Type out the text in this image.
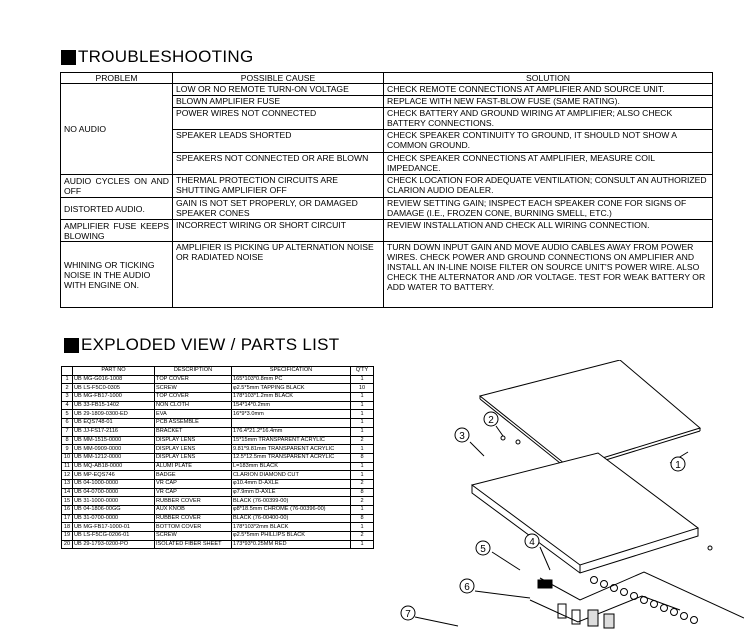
TROUBLESHOOTING
PROBLEM	POSSIBLE CAUSE	SOLUTION
NO AUDIO	LOW OR NO REMOTE TURN-ON VOLTAGE	CHECK REMOTE CONNECTIONS AT AMPLIFIER AND SOURCE UNIT.
	BLOWN AMPLIFIER FUSE	REPLACE WITH NEW FAST-BLOW FUSE (SAME RATING).
	POWER WIRES NOT CONNECTED	CHECK BATTERY AND GROUND WIRING AT AMPLIFIER; ALSO CHECK BATTERY CONNECTIONS.
	SPEAKER LEADS SHORTED	CHECK SPEAKER CONTINUITY TO GROUND, IT SHOULD NOT SHOW A COMMON GROUND.
	SPEAKERS NOT CONNECTED OR ARE BLOWN	CHECK SPEAKER CONNECTIONS AT AMPLIFIER, MEASURE COIL IMPEDANCE.
AUDIO CYCLES ON AND OFF	THERMAL PROTECTION CIRCUITS ARE SHUTTING AMPLIFIER OFF	CHECK LOCATION FOR ADEQUATE VENTILATION; CONSULT AN AUTHORIZED CLARION AUDIO DEALER.
DISTORTED AUDIO.	GAIN IS NOT SET PROPERLY, OR DAMAGED SPEAKER CONES	REVIEW SETTING GAIN; INSPECT EACH SPEAKER CONE FOR SIGNS OF DAMAGE (I.E., FROZEN CONE, BURNING SMELL, ETC.)
AMPLIFIER FUSE KEEPS BLOWING	INCORRECT WIRING OR SHORT CIRCUIT	REVIEW INSTALLATION AND CHECK ALL WIRING CONNECTION.
WHINING OR TICKING NOISE IN THE AUDIO WITH ENGINE ON.	AMPLIFIER IS PICKING UP ALTERNATION NOISE OR RADIATED NOISE	TURN DOWN INPUT GAIN AND MOVE AUDIO CABLES AWAY FROM POWER WIRES. CHECK POWER AND GROUND CONNECTIONS ON AMPLIFIER AND INSTALL AN IN-LINE NOISE FILTER ON SOURCE UNIT'S POWER WIRE. ALSO CHECK THE ALTERNATOR AND /OR VOLTAGE. TEST FOR WEAK BATTERY OR ADD WATER TO BATTERY.
EXPLODED VIEW / PARTS LIST
	PART NO	DESCRIPTION	SPECIFICATION	Q'TY
1	UB MG-G016-1008	TOP COVER	165*103*0.8mm PC	1
2	UB LS-F5C0-0305	SCREW	φ2.5*5mm TAPPING BLACK	10
3	UB MG-FB17-1000	TOP COVER	178*103*1.2mm BLACK	1
4	UB 33-FB15-1402	NON CLOTH	154*14*0.2mm	1
5	UB 29-1809-0300-ED	EVA	16*9*3.0mm	1
6	UB EQS748-01	PCB ASSEMBLE		1
7	UB JJ-FS17-2116	BRACKET	176.4*21.2*16.4mm	1
8	UB MM-1515-0000	DISPLAY LENS	15*15mm TRANSPARENT ACRYLIC	2
9	UB MM-0909-0000	DISPLAY LENS	9.81*9.81mm TRANSPARENT ACRYLIC	1
10	UB MM-1212-0000	DISPLAY LENS	12.5*12.5mm TRANSPARENT ACRYLIC	8
11	UB MQ-AB18-0000	ALUMI PLATE	L=183mm BLACK	1
12	UB MP-EQS746	BADGE	CLARION DIAMOND CUT	1
13	UB 04-1000-0000	VR CAP	φ10.4mm D-AXLE	2
14	UB 04-0700-0000	VR CAP	φ7.9mm D-AXLE	8
15	UB 31-1000-0000	RUBBER COVER	BLACK (76-00399-00)	2
16	UB 04-1806-00GG	AUX KNOB	φ8*18.5mm CHROME (76-00396-00)	1
17	UB 31-0700-0000	RUBBER COVER	BLACK (76-00400-00)	8
18	UB MG-FB17-1000-01	BOTTOM COVER	178*103*2mm BLACK	1
19	UB LS-F5CG-0206-01	SCREW	φ2.5*5mm PHILLIPS BLACK	2
20	UB 29-1793-0200-PO	ISOLATED FIBER SHEET	173*93*0.25MM RED	1
1
2
3
4
5
6
7
